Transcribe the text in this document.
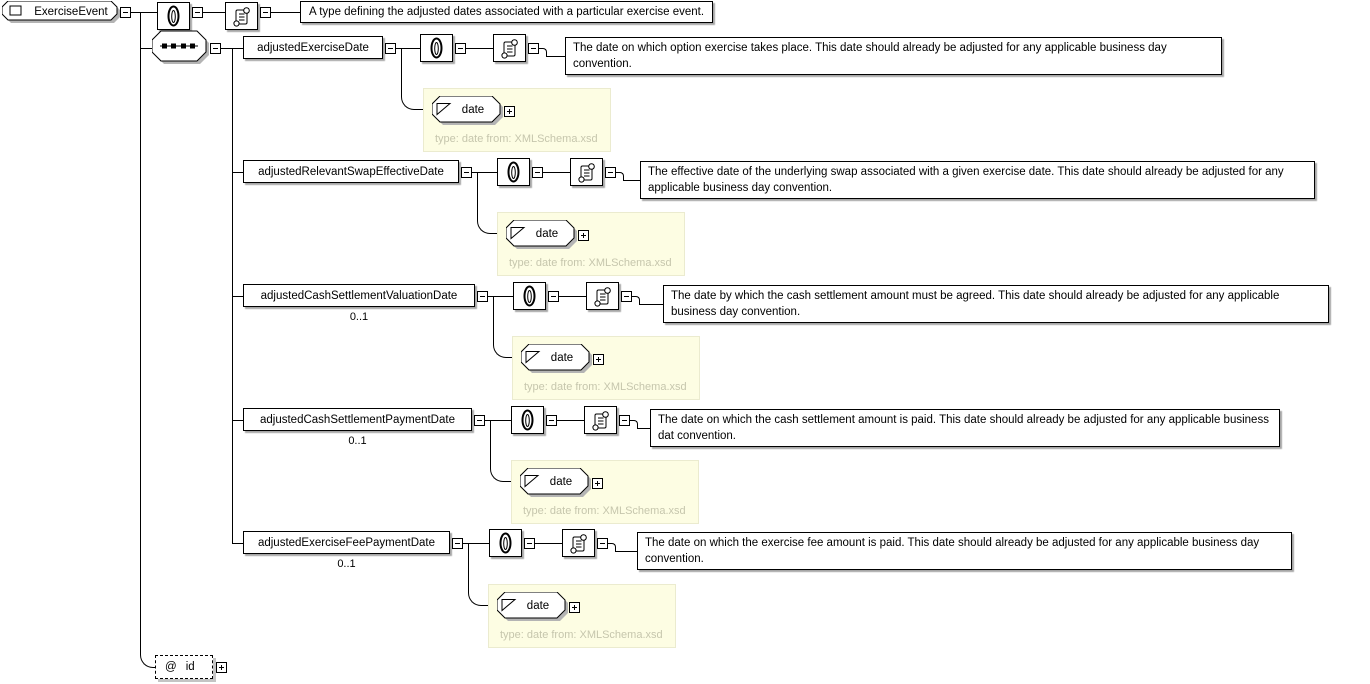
ExerciseEvent	A type defining the adjusted dates associated with a particular exercise event.
@ id
adjustedExerciseDate	The date on which option exercise takes place. This date should already be adjusted for any applicable business day convention.
date
type: date from: XMLSchema.xsd
adjustedRelevantSwapEffectiveDate	The effective date of the underlying swap associated with a given exercise date. This date should already be adjusted for any applicable business day convention.
date
type: date from: XMLSchema.xsd
adjustedCashSettlementValuationDate
0..1
The date by which the cash settlement amount must be agreed. This date should already be adjusted for any applicable business day convention.
date
type: date from: XMLSchema.xsd
adjustedCashSettlementPaymentDate
0..1
The date on which the cash settlement amount is paid. This date should already be adjusted for any applicable business dat convention.
date
type: date from: XMLSchema.xsd
adjustedExerciseFeePaymentDate
0..1
The date on which the exercise fee amount is paid. This date should already be adjusted for any applicable business day convention.
date
type: date from: XMLSchema.xsd
